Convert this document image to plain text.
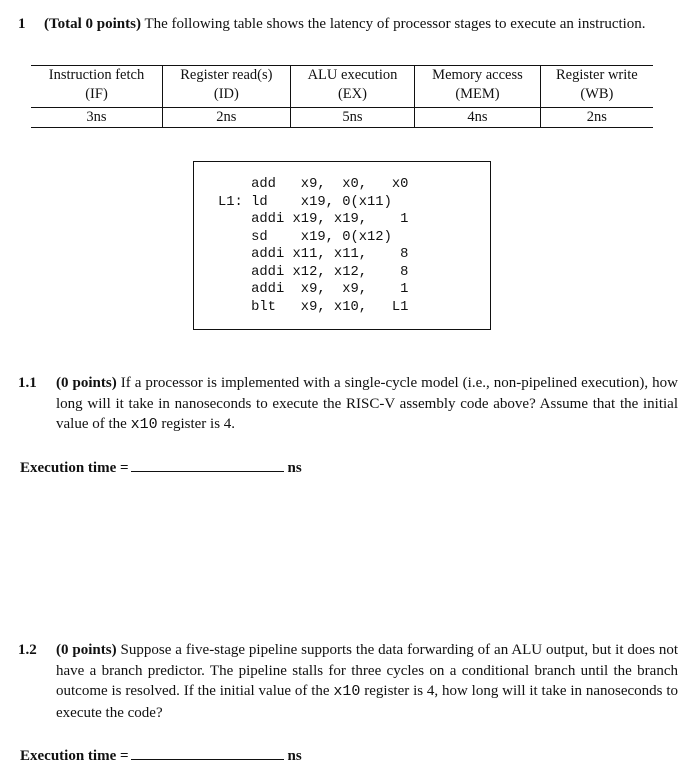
1 (Total 0 points) The following table shows the latency of processor stages to execute an instruction.
Instruction fetch	Register read(s)	ALU execution	Memory access	Register write
(IF)	(ID)	(EX)	(MEM)	(WB)
3ns	2ns	5ns	4ns	2ns
add   x9,  x0,   x0
L1: ld    x19, 0(x11)
addi x19, x19,    1
sd    x19, 0(x12)
addi x11, x11,    8
addi x12, x12,    8
addi  x9,  x9,    1
blt   x9, x10,   L1
1.1 (0 points) If a processor is implemented with a single-cycle model (i.e., non-pipelined execution), how long will it take in nanoseconds to execute the RISC-V assembly code above? Assume that the initial value of the x10 register is 4.
Execution time =	ns
1.2 (0 points) Suppose a five-stage pipeline supports the data forwarding of an ALU output, but it does not have a branch predictor. The pipeline stalls for three cycles on a conditional branch until the branch outcome is resolved. If the initial value of the x10 register is 4, how long will it take in nanoseconds to execute the code?
Execution time =	ns
